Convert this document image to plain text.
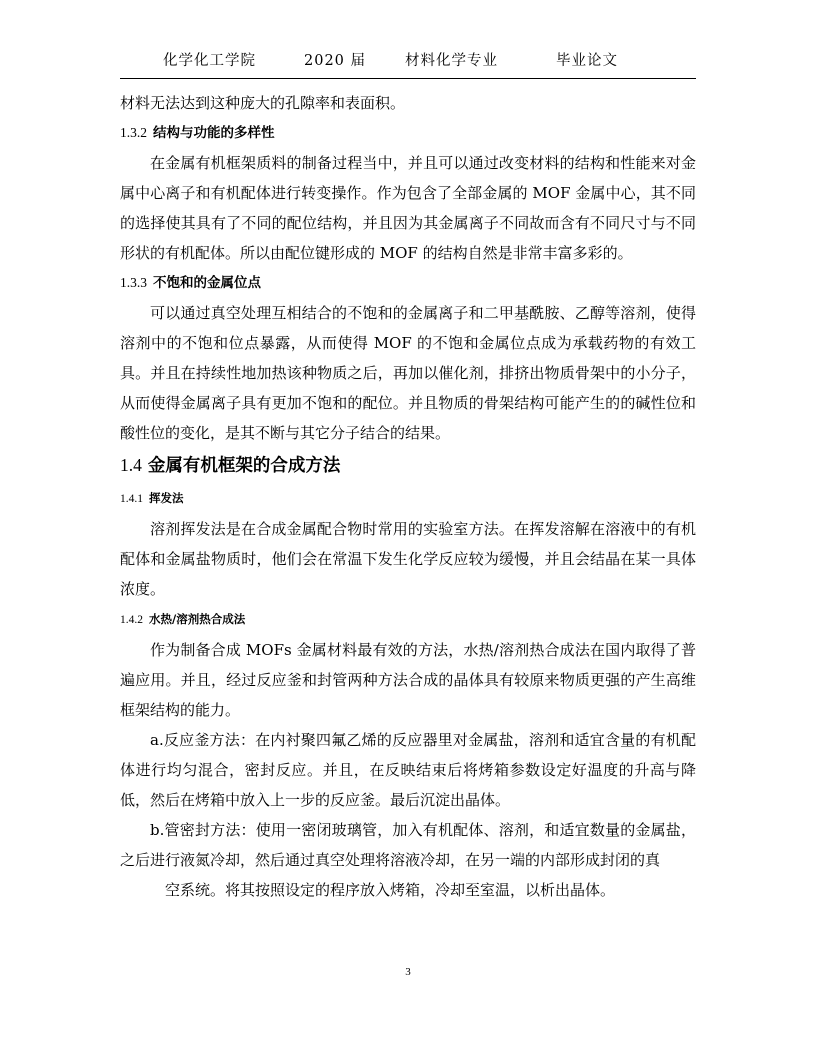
化学化工学院	2020 届	材料化学专业	毕业论文

材料无法达到这种庞大的孔隙率和表面积。

1.3.2 结构与功能的多样性

在金属有机框架质料的制备过程当中，并且可以通过改变材料的结构和性能来对金属中心离子和有机配体进行转变操作。作为包含了全部金属的 MOF 金属中心，其不同的选择使其具有了不同的配位结构，并且因为其金属离子不同故而含有不同尺寸与不同形状的有机配体。所以由配位键形成的 MOF 的结构自然是非常丰富多彩的。

1.3.3 不饱和的金属位点

可以通过真空处理互相结合的不饱和的金属离子和二甲基酰胺、乙醇等溶剂，使得溶剂中的不饱和位点暴露，从而使得 MOF 的不饱和金属位点成为承载药物的有效工具。并且在持续性地加热该种物质之后，再加以催化剂，排挤出物质骨架中的小分子，从而使得金属离子具有更加不饱和的配位。并且物质的骨架结构可能产生的的碱性位和酸性位的变化，是其不断与其它分子结合的结果。

1.4 金属有机框架的合成方法
1.4.1 挥发法

溶剂挥发法是在合成金属配合物时常用的实验室方法。在挥发溶解在溶液中的有机配体和金属盐物质时，他们会在常温下发生化学反应较为缓慢，并且会结晶在某一具体浓度。

1.4.2 水热/溶剂热合成法

作为制备合成 MOFs 金属材料最有效的方法，水热/溶剂热合成法在国内取得了普遍应用。并且，经过反应釜和封管两种方法合成的晶体具有较原来物质更强的产生高维框架结构的能力。

a.反应釜方法：在内衬聚四氟乙烯的反应器里对金属盐，溶剂和适宜含量的有机配体进行均匀混合，密封反应。并且，在反映结束后将烤箱参数设定好温度的升高与降低，然后在烤箱中放入上一步的反应釜。最后沉淀出晶体。

b.管密封方法：使用一密闭玻璃管，加入有机配体、溶剂，和适宜数量的金属盐，之后进行液氮冷却，然后通过真空处理将溶液冷却，在另一端的内部形成封闭的真

空系统。将其按照设定的程序放入烤箱，冷却至室温，以析出晶体。

3
